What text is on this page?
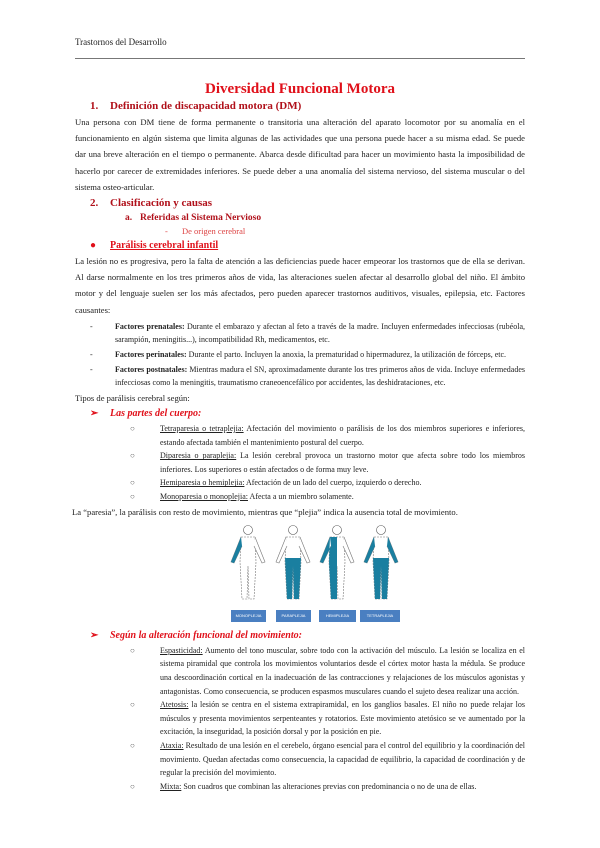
Trastornos del Desarrollo
Diversidad Funcional Motora
1. Definición de discapacidad motora (DM)

Una persona con DM tiene de forma permanente o transitoria una alteración del aparato locomotor por su anomalía en el funcionamiento en algún sistema que limita algunas de las actividades que una persona puede hacer a su misma edad. Se puede dar una breve alteración en el tiempo o permanente. Abarca desde dificultad para hacer un movimiento hasta la imposibilidad de hacerlo por carecer de extremidades inferiores. Se puede deber a una anomalía del sistema nervioso, del sistema muscular o del sistema osteo-articular.

2. Clasificación y causas
a. Referidas al Sistema Nervioso
- De origen cerebral
● Parálisis cerebral infantil

La lesión no es progresiva, pero la falta de atención a las deficiencias puede hacer empeorar los trastornos que de ella se derivan. Al darse normalmente en los tres primeros años de vida, las alteraciones suelen afectar al desarrollo global del niño. El ámbito motor y del lenguaje suelen ser los más afectados, pero pueden aparecer trastornos auditivos, visuales, epilepsia, etc. Factores causantes:

-	Factores prenatales: Durante el embarazo y afectan al feto a través de la madre. Incluyen enfermedades infecciosas (rubéola, sarampión, meningitis...), incompatibilidad Rh, medicamentos, etc.
-	Factores perinatales: Durante el parto. Incluyen la anoxia, la prematuridad o hipermadurez, la utilización de fórceps, etc.
-	Factores postnatales: Mientras madura el SN, aproximadamente durante los tres primeros años de vida. Incluye enfermedades infecciosas como la meningitis, traumatismo craneoencefálico por accidentes, las deshidrataciones, etc.

Tipos de parálisis cerebral según:

➢ Las partes del cuerpo:
○	Tetraparesia o tetraplejia: Afectación del movimiento o parálisis de los dos miembros superiores e inferiores, estando afectada también el mantenimiento postural del cuerpo.
○	Diparesia o paraplejia: La lesión cerebral provoca un trastorno motor que afecta sobre todo los miembros inferiores. Los superiores o están afectados o de forma muy leve.
○	Hemiparesia o hemiplejia: Afectación de un lado del cuerpo, izquierdo o derecho.
○	Monoparesia o monoplejia: Afecta a un miembro solamente.

La “paresia”, la parálisis con resto de movimiento, mientras que “plejia” indica la ausencia total de movimiento.

MONOPLEJIA	PARAPLEJIA	HEMIPLEJIA	TETRAPLEJIA
➢ Según la alteración funcional del movimiento:
○	Espasticidad: Aumento del tono muscular, sobre todo con la activación del músculo. La lesión se localiza en el sistema piramidal que controla los movimientos voluntarios desde el córtex motor hasta la médula. Se produce una descoordinación cortical en la inadecuación de las contracciones y relajaciones de los músculos agonistas y antagonistas. Como consecuencia, se producen espasmos musculares cuando el sujeto desea realizar una acción.
○	Atetosis: la lesión se centra en el sistema extrapiramidal, en los ganglios basales. El niño no puede relajar los músculos y presenta movimientos serpenteantes y rotatorios. Este movimiento atetósico se ve aumentado por la excitación, la inseguridad, la posición dorsal y por la posición en pie.
○	Ataxia: Resultado de una lesión en el cerebelo, órgano esencial para el control del equilibrio y la coordinación del movimiento. Quedan afectadas como consecuencia, la capacidad de equilibrio, la capacidad de coordinación y de regular la precisión del movimiento.
○	Mixta: Son cuadros que combinan las alteraciones previas con predominancia o no de una de ellas.
